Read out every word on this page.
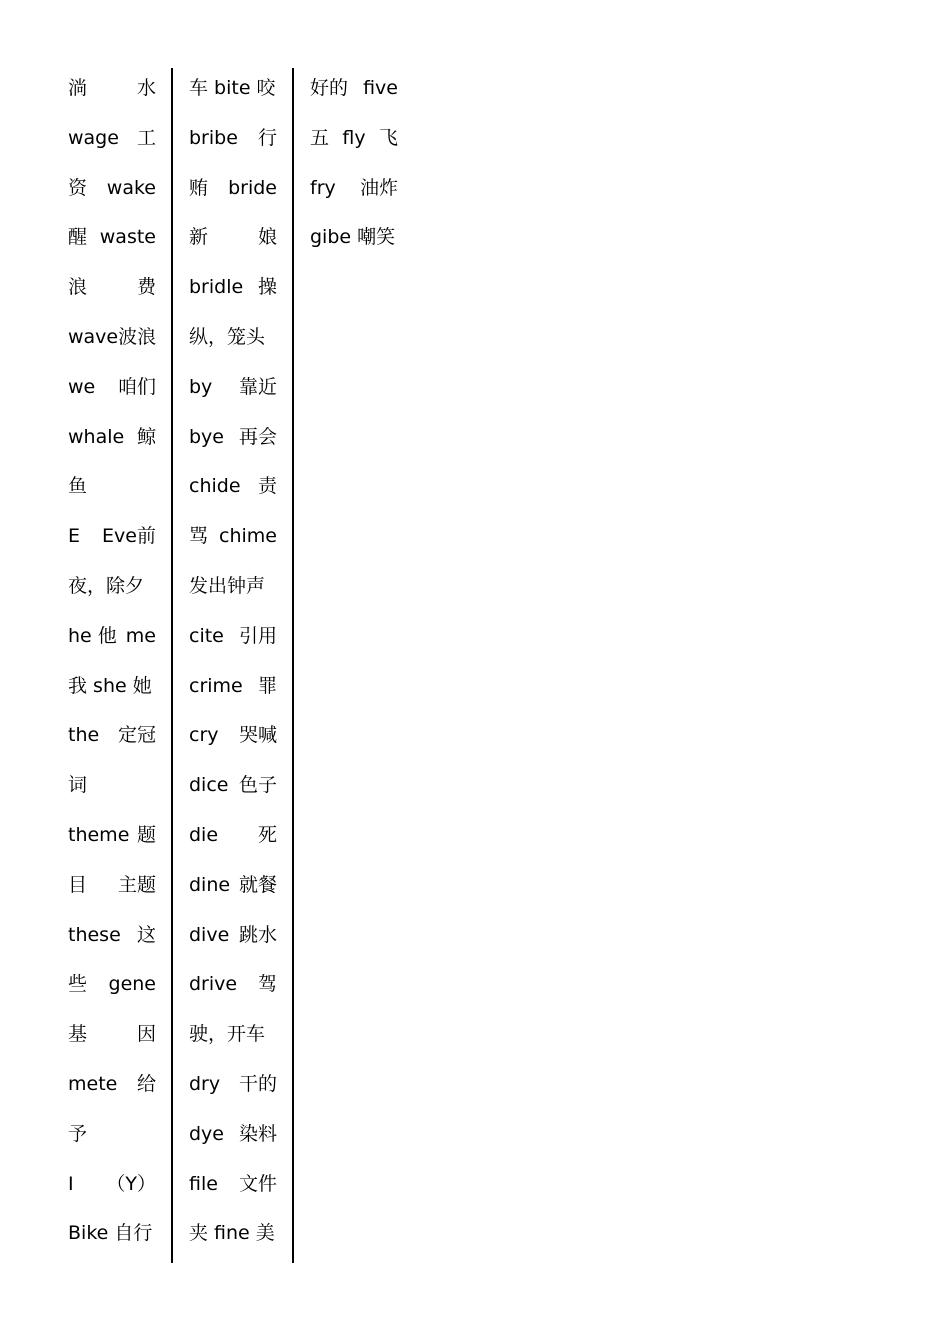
淌	水
wage 工
资 wake
醒 waste
浪	费
wave波浪
we 咱们
whale 鲸
鱼
E Eve前
夜，除夕
he 他 me
我 she 她
the 定冠
词
theme 题
目 主题
these 这
些 gene
基	因
mete 给
予
I （Y）
Bike 自行
车 bite 咬
bribe 行
贿 bride
新	娘
bridle 操
纵，笼头
by 靠近
bye 再会
chide 责
骂 chime
发出钟声
cite 引用
crime 罪
cry 哭喊
dice 色子
die 死
dine 就餐
dive 跳水
drive 驾
驶，开车
dry 干的
dye 染料
file 文件
夹 fine 美
好的 five
五 fly 飞
fry 油炸
gibe 嘲笑
